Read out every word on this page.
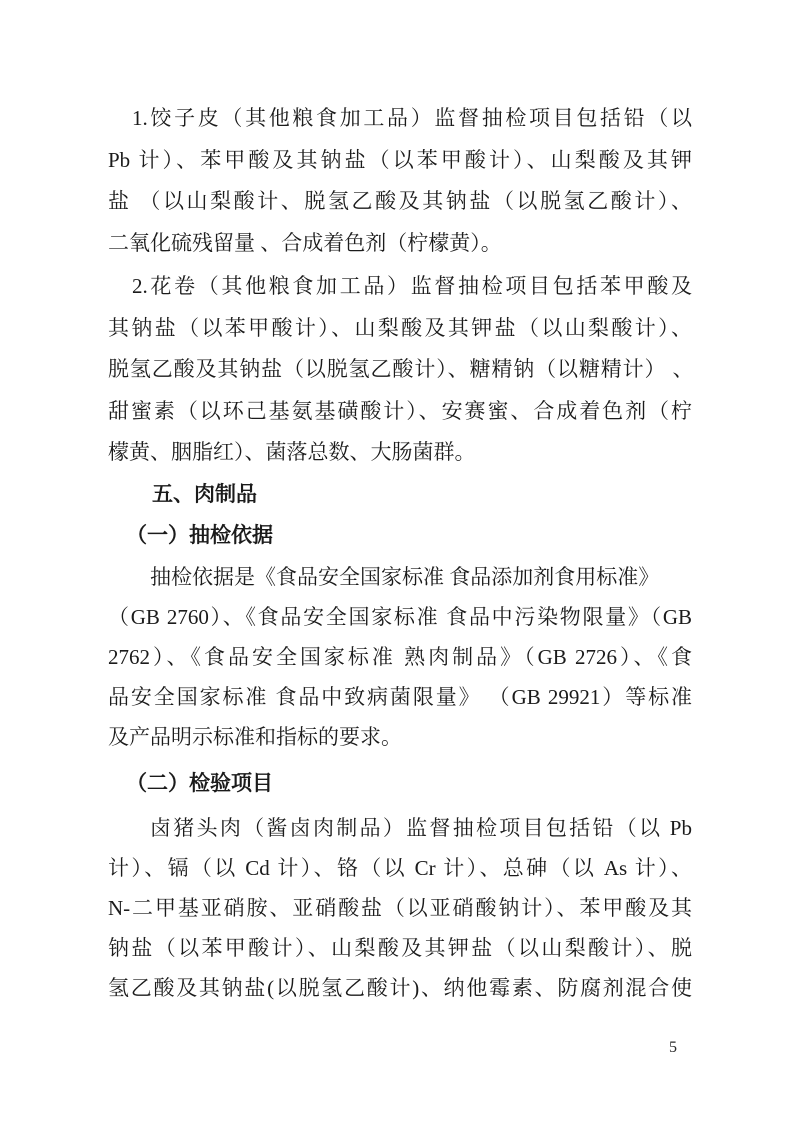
1.饺子皮（其他粮食加工品）监督抽检项目包括铅（以
Pb 计）、苯甲酸及其钠盐（以苯甲酸计）、山梨酸及其钾
盐 （以山梨酸计、脱氢乙酸及其钠盐（以脱氢乙酸计）、
二氧化硫残留量 、合成着色剂（柠檬黄）。
2.花卷（其他粮食加工品）监督抽检项目包括苯甲酸及
其钠盐（以苯甲酸计）、山梨酸及其钾盐（以山梨酸计）、
脱氢乙酸及其钠盐（以脱氢乙酸计）、糖精钠（以糖精计） 、
甜蜜素（以环己基氨基磺酸计）、安赛蜜、合成着色剂（柠
檬黄、胭脂红）、菌落总数、大肠菌群。
五、肉制品
（一）抽检依据
抽检依据是《食品安全国家标准 食品添加剂食用标准》
（GB 2760）、《食品安全国家标准 食品中污染物限量》（GB
2762）、《食品安全国家标准 熟肉制品》（GB 2726）、《食
品安全国家标准 食品中致病菌限量》 （GB 29921）等标准
及产品明示标准和指标的要求。
（二）检验项目
卤猪头肉（酱卤肉制品）监督抽检项目包括铅（以 Pb
计）、镉（以 Cd 计）、铬（以 Cr 计）、总砷（以 As 计）、
N-二甲基亚硝胺、亚硝酸盐（以亚硝酸钠计）、苯甲酸及其
钠盐（以苯甲酸计）、山梨酸及其钾盐（以山梨酸计）、脱
氢乙酸及其钠盐(以脱氢乙酸计)、纳他霉素、防腐剂混合使
5
